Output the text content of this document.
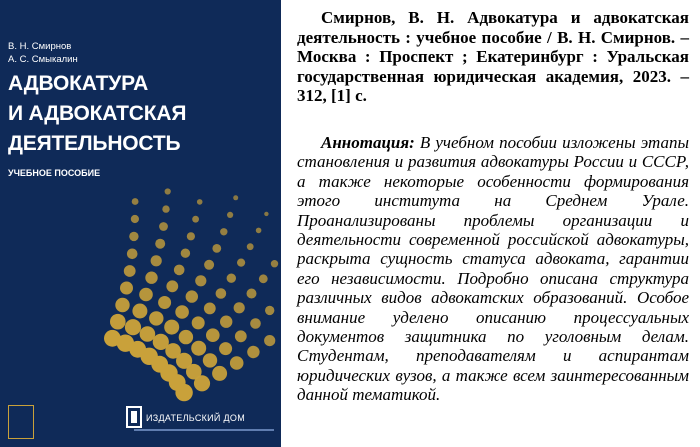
В. Н. Смирнов
А. С. Смыкалин
АДВОКАТУРА
И АДВОКАТСКАЯ
ДЕЯТЕЛЬНОСТЬ
УЧЕБНОЕ ПОСОБИЕ
ИЗДАТЕЛЬСКИЙ ДОМ

Смирнов, В. Н. Адвокатура и адвокатская деятельность : учебное пособие / В. Н. Смирнов. – Москва : Проспект ; Екатеринбург : Уральская государственная юридическая академия, 2023. – 312, [1] с.

Аннотация: В учебном пособии изложены этапы становления и развития адвокатуры России и СССР, а также некоторые особенности формирования этого института на Среднем Урале. Проанализированы проблемы организации и деятельности современной российской адвокатуры, раскрыта сущность статуса адвоката, гарантии его независимости. Подробно описана структура различных видов адвокатских образований. Особое внимание уделено описанию процессуальных документов защитника по уголовным делам. Студентам, преподавателям и аспирантам юридических вузов, а также всем заинтересованным данной тематикой.
